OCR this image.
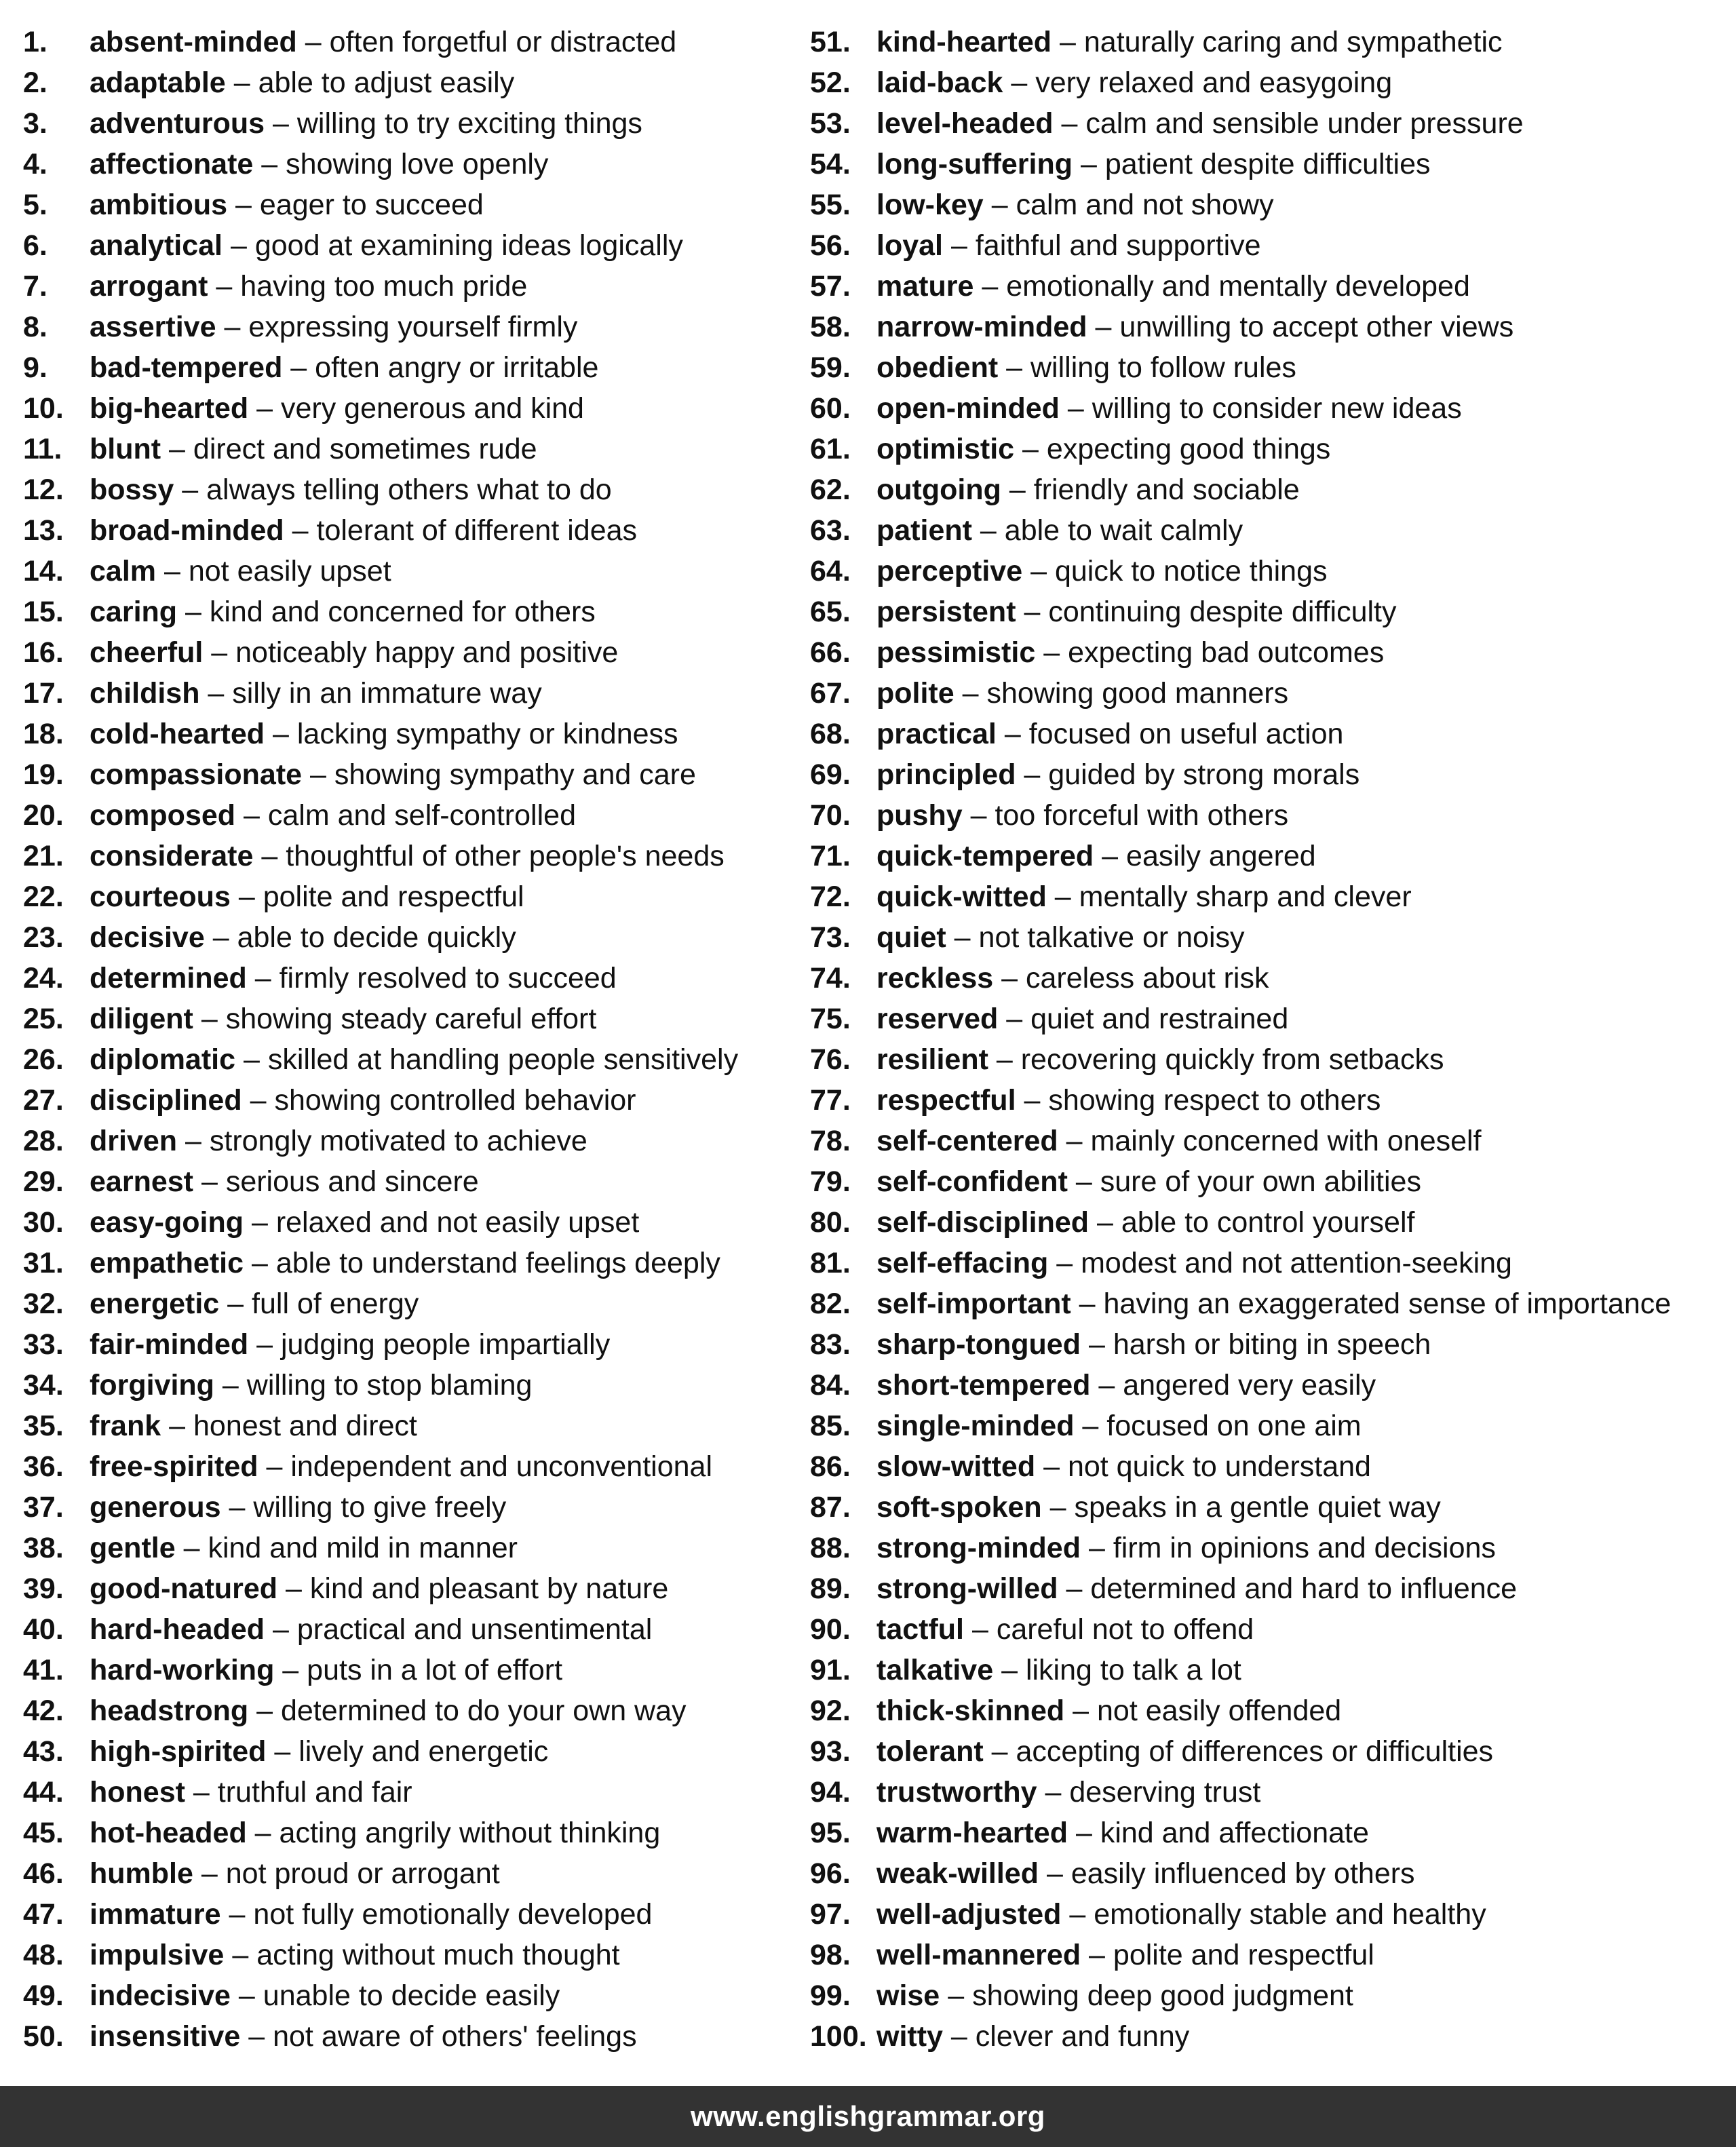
1. absent-minded – often forgetful or distracted
2. adaptable – able to adjust easily
3. adventurous – willing to try exciting things
4. affectionate – showing love openly
5. ambitious – eager to succeed
6. analytical – good at examining ideas logically
7. arrogant – having too much pride
8. assertive – expressing yourself firmly
9. bad-tempered – often angry or irritable
10. big-hearted – very generous and kind
11. blunt – direct and sometimes rude
12. bossy – always telling others what to do
13. broad-minded – tolerant of different ideas
14. calm – not easily upset
15. caring – kind and concerned for others
16. cheerful – noticeably happy and positive
17. childish – silly in an immature way
18. cold-hearted – lacking sympathy or kindness
19. compassionate – showing sympathy and care
20. composed – calm and self-controlled
21. considerate – thoughtful of other people's needs
22. courteous – polite and respectful
23. decisive – able to decide quickly
24. determined – firmly resolved to succeed
25. diligent – showing steady careful effort
26. diplomatic – skilled at handling people sensitively
27. disciplined – showing controlled behavior
28. driven – strongly motivated to achieve
29. earnest – serious and sincere
30. easy-going – relaxed and not easily upset
31. empathetic – able to understand feelings deeply
32. energetic – full of energy
33. fair-minded – judging people impartially
34. forgiving – willing to stop blaming
35. frank – honest and direct
36. free-spirited – independent and unconventional
37. generous – willing to give freely
38. gentle – kind and mild in manner
39. good-natured – kind and pleasant by nature
40. hard-headed – practical and unsentimental
41. hard-working – puts in a lot of effort
42. headstrong – determined to do your own way
43. high-spirited – lively and energetic
44. honest – truthful and fair
45. hot-headed – acting angrily without thinking
46. humble – not proud or arrogant
47. immature – not fully emotionally developed
48. impulsive – acting without much thought
49. indecisive – unable to decide easily
50. insensitive – not aware of others' feelings
51. kind-hearted – naturally caring and sympathetic
52. laid-back – very relaxed and easygoing
53. level-headed – calm and sensible under pressure
54. long-suffering – patient despite difficulties
55. low-key – calm and not showy
56. loyal – faithful and supportive
57. mature – emotionally and mentally developed
58. narrow-minded – unwilling to accept other views
59. obedient – willing to follow rules
60. open-minded – willing to consider new ideas
61. optimistic – expecting good things
62. outgoing – friendly and sociable
63. patient – able to wait calmly
64. perceptive – quick to notice things
65. persistent – continuing despite difficulty
66. pessimistic – expecting bad outcomes
67. polite – showing good manners
68. practical – focused on useful action
69. principled – guided by strong morals
70. pushy – too forceful with others
71. quick-tempered – easily angered
72. quick-witted – mentally sharp and clever
73. quiet – not talkative or noisy
74. reckless – careless about risk
75. reserved – quiet and restrained
76. resilient – recovering quickly from setbacks
77. respectful – showing respect to others
78. self-centered – mainly concerned with oneself
79. self-confident – sure of your own abilities
80. self-disciplined – able to control yourself
81. self-effacing – modest and not attention-seeking
82. self-important – having an exaggerated sense of importance
83. sharp-tongued – harsh or biting in speech
84. short-tempered – angered very easily
85. single-minded – focused on one aim
86. slow-witted – not quick to understand
87. soft-spoken – speaks in a gentle quiet way
88. strong-minded – firm in opinions and decisions
89. strong-willed – determined and hard to influence
90. tactful – careful not to offend
91. talkative – liking to talk a lot
92. thick-skinned – not easily offended
93. tolerant – accepting of differences or difficulties
94. trustworthy – deserving trust
95. warm-hearted – kind and affectionate
96. weak-willed – easily influenced by others
97. well-adjusted – emotionally stable and healthy
98. well-mannered – polite and respectful
99. wise – showing deep good judgment
100. witty – clever and funny
www.englishgrammar.org
